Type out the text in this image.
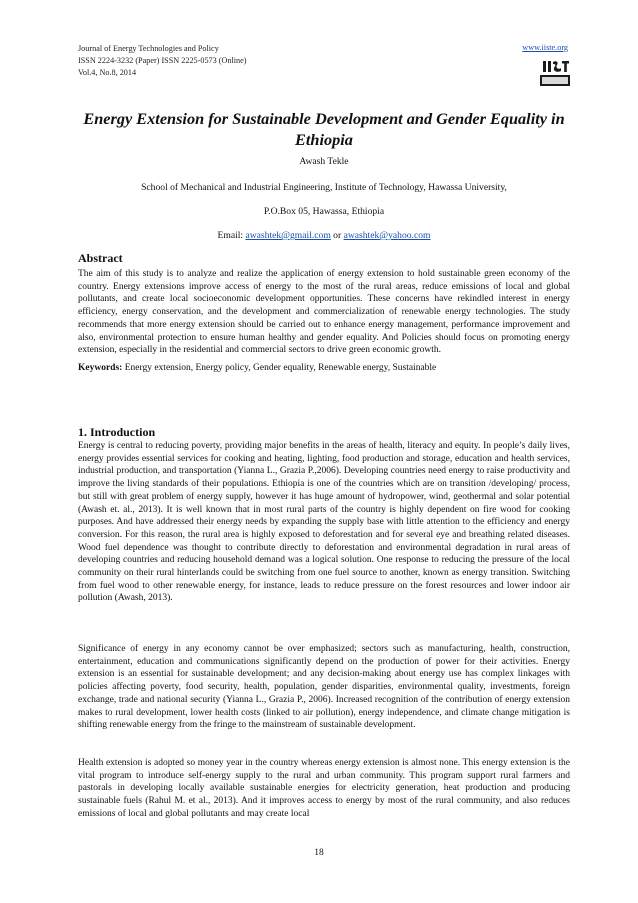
Journal of Energy Technologies and Policy
ISSN 2224-3232 (Paper) ISSN 2225-0573 (Online)
Vol.4, No.8, 2014
www.iiste.org
Energy Extension for Sustainable Development and Gender Equality in Ethiopia
Awash Tekle
School of Mechanical and Industrial Engineering, Institute of Technology, Hawassa University,
P.O.Box 05, Hawassa, Ethiopia
Email: awashtek@gmail.com or awashtek@yahoo.com
Abstract
The aim of this study is to analyze and realize the application of energy extension to hold sustainable green economy of the country. Energy extensions improve access of energy to the most of the rural areas, reduce emissions of local and global pollutants, and create local socioeconomic development opportunities. These concerns have rekindled interest in energy efficiency, energy conservation, and the development and commercialization of renewable energy technologies. The study recommends that more energy extension should be carried out to enhance energy management, performance improvement and also, environmental protection to ensure human healthy and gender equality. And Policies should focus on promoting energy extension, especially in the residential and commercial sectors to drive green economic growth.
Keywords: Energy extension, Energy policy, Gender equality, Renewable energy, Sustainable
1. Introduction
Energy is central to reducing poverty, providing major benefits in the areas of health, literacy and equity. In people’s daily lives, energy provides essential services for cooking and heating, lighting, food production and storage, education and health services, industrial production, and transportation (Yianna L., Grazia P.,2006). Developing countries need energy to raise productivity and improve the living standards of their populations. Ethiopia is one of the countries which are on transition /developing/ process, but still with great problem of energy supply, however it has huge amount of hydropower, wind, geothermal and solar potential (Awash et. al., 2013). It is well known that in most rural parts of the country is highly dependent on fire wood for cooking purposes. And have addressed their energy needs by expanding the supply base with little attention to the efficiency and energy conversion. For this reason, the rural area is highly exposed to deforestation and for several eye and breathing related diseases. Wood fuel dependence was thought to contribute directly to deforestation and environmental degradation in rural areas of developing countries and reducing household demand was a logical solution. One response to reducing the pressure of the local community on their rural hinterlands could be switching from one fuel source to another, known as energy transition. Switching from fuel wood to other renewable energy, for instance, leads to reduce pressure on the forest resources and lower indoor air pollution (Awash, 2013).
Significance of energy in any economy cannot be over emphasized; sectors such as manufacturing, health, construction, entertainment, education and communications significantly depend on the production of power for their activities. Energy extension is an essential for sustainable development; and any decision-making about energy use has complex linkages with policies affecting poverty, food security, health, population, gender disparities, environmental quality, investments, foreign exchange, trade and national security (Yianna L., Grazia P., 2006). Increased recognition of the contribution of energy extension makes to rural development, lower health costs (linked to air pollution), energy independence, and climate change mitigation is shifting renewable energy from the fringe to the mainstream of sustainable development.
Health extension is adopted so money year in the country whereas energy extension is almost none. This energy extension is the vital program to introduce self-energy supply to the rural and urban community. This program support rural farmers and pastorals in developing locally available sustainable energies for electricity generation, heat production and producing sustainable fuels (Rahul M. et al., 2013). And it improves access to energy by most of the rural community, and also reduces emissions of local and global pollutants and may create local
18
